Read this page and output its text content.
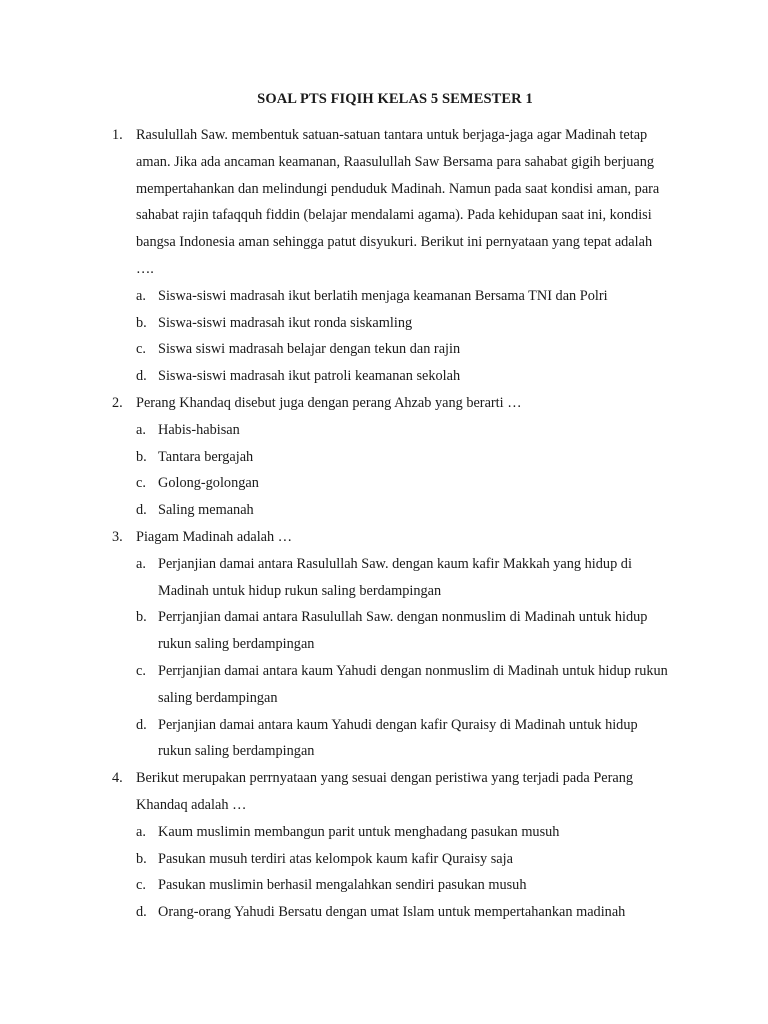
SOAL PTS FIQIH KELAS 5 SEMESTER 1
1. Rasulullah Saw. membentuk satuan-satuan tantara untuk berjaga-jaga agar Madinah tetap aman. Jika ada ancaman keamanan, Raasulullah Saw Bersama para sahabat gigih berjuang mempertahankan dan melindungi penduduk Madinah. Namun pada saat kondisi aman, para sahabat rajin tafaqquh fiddin (belajar mendalami agama). Pada kehidupan saat ini, kondisi bangsa Indonesia aman sehingga patut disyukuri. Berikut ini pernyataan yang tepat adalah ….
a. Siswa-siswi madrasah ikut berlatih menjaga keamanan Bersama TNI dan Polri
b. Siswa-siswi madrasah ikut ronda siskamling
c. Siswa siswi madrasah belajar dengan tekun dan rajin
d. Siswa-siswi madrasah ikut patroli keamanan sekolah
2. Perang Khandaq disebut juga dengan perang Ahzab yang berarti …
a. Habis-habisan
b. Tantara bergajah
c. Golong-golongan
d. Saling memanah
3. Piagam Madinah adalah …
a. Perjanjian damai antara Rasulullah Saw. dengan kaum kafir Makkah yang hidup di Madinah untuk hidup rukun saling berdampingan
b. Perrjanjian damai antara Rasulullah Saw. dengan nonmuslim di Madinah untuk hidup rukun saling berdampingan
c. Perrjanjian damai antara kaum Yahudi dengan nonmuslim di Madinah untuk hidup rukun saling berdampingan
d. Perjanjian damai antara kaum Yahudi dengan kafir Quraisy di Madinah untuk hidup rukun saling berdampingan
4. Berikut merupakan perrnyataan yang sesuai dengan peristiwa yang terjadi pada Perang Khandaq adalah …
a. Kaum muslimin membangun parit untuk menghadang pasukan musuh
b. Pasukan musuh terdiri atas kelompok kaum kafir Quraisy saja
c. Pasukan muslimin berhasil mengalahkan sendiri pasukan musuh
d. Orang-orang Yahudi Bersatu dengan umat Islam untuk mempertahankan madinah
